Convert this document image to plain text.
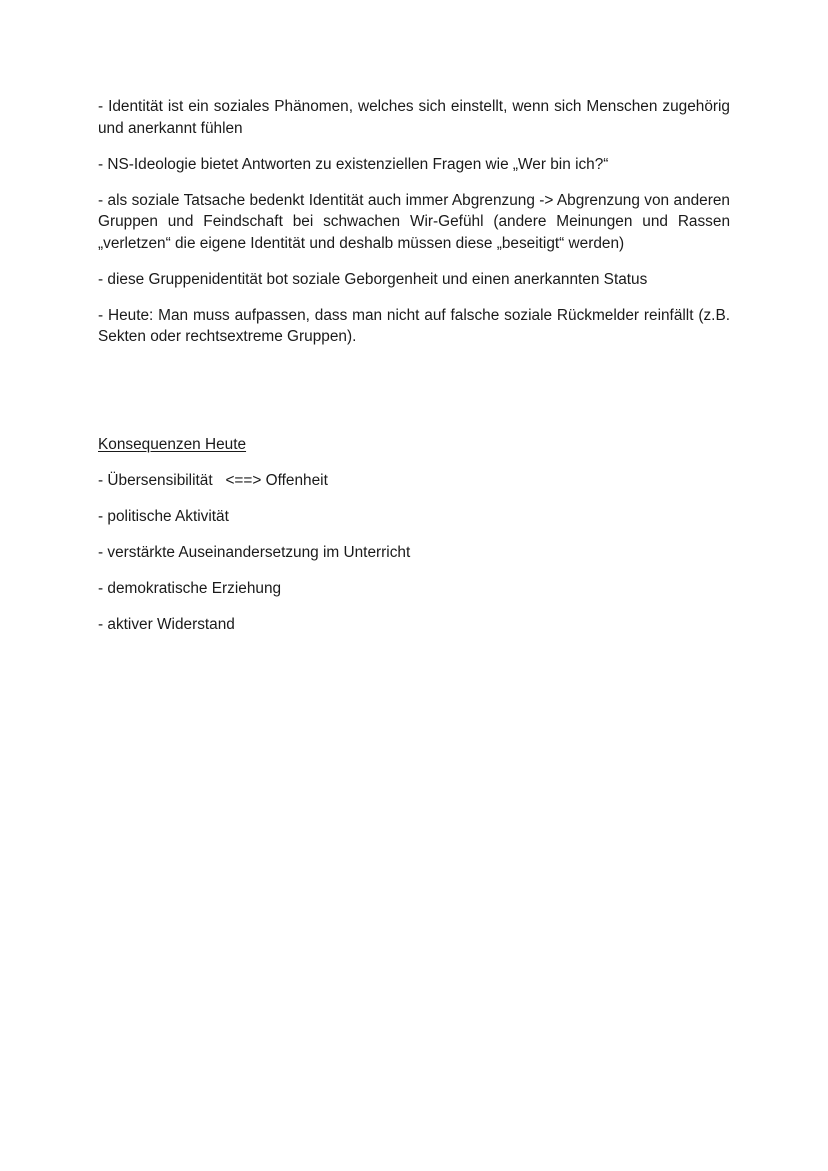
- Identität ist ein soziales Phänomen, welches sich einstellt, wenn sich Menschen zugehörig und anerkannt fühlen

- NS-Ideologie bietet Antworten zu existenziellen Fragen wie „Wer bin ich?“

- als soziale Tatsache bedenkt Identität auch immer Abgrenzung -> Abgrenzung von anderen Gruppen und Feindschaft bei schwachen Wir-Gefühl (andere Meinungen und Rassen „verletzen“ die eigene Identität und deshalb müssen diese „beseitigt“ werden)

- diese Gruppenidentität bot soziale Geborgenheit und einen anerkannten Status

- Heute: Man muss aufpassen, dass man nicht auf falsche soziale Rückmelder reinfällt (z.B. Sekten oder rechtsextreme Gruppen).

Konsequenzen Heute

- Übersensibilität   <==> Offenheit

- politische Aktivität

- verstärkte Auseinandersetzung im Unterricht

- demokratische Erziehung

- aktiver Widerstand
